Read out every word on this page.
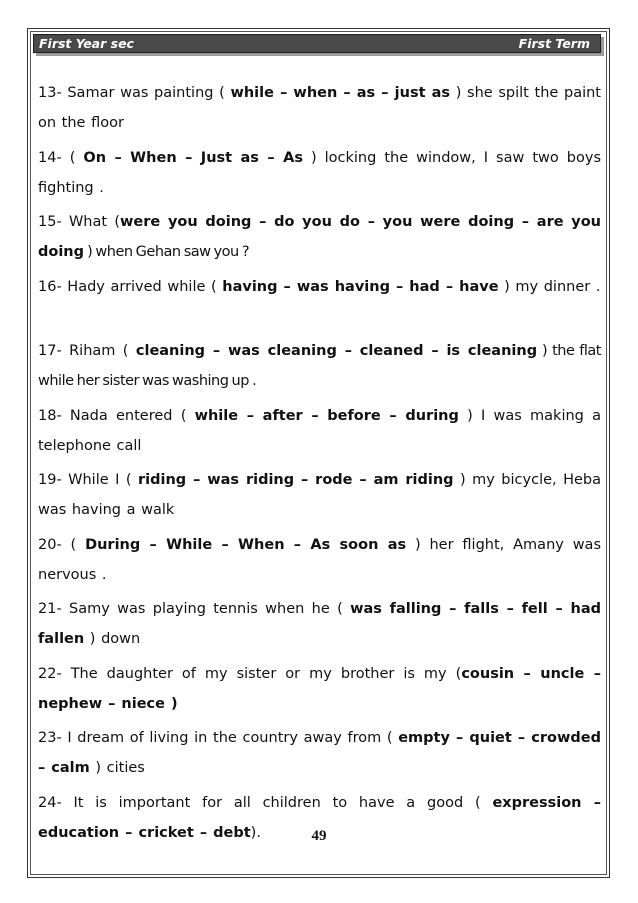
First Year sec	First Term
13- Samar was painting ( while – when – as – just as ) she spilt the paint on the floor
14- ( On – When – Just as – As ) locking the window, I saw two boys fighting .
15- What (were you doing – do you do – you were doing – are you doing ) when Gehan saw you ?
16- Hady arrived while ( having – was having – had – have ) my dinner .
17- Riham ( cleaning – was cleaning – cleaned – is cleaning ) the flat while her sister was washing up .
18- Nada entered ( while – after – before – during ) I was making a telephone call
19- While I ( riding – was riding – rode – am riding ) my bicycle, Heba was having a walk
20- ( During – While – When – As soon as ) her flight, Amany was nervous .
21- Samy was playing tennis when he ( was falling – falls – fell – had fallen ) down
22- The daughter of my sister or my brother is my (cousin – uncle – nephew – niece )
23- I dream of living in the country away from ( empty – quiet – crowded – calm ) cities
24- It is important for all children to have a good ( expression – education – cricket – debt).	49
